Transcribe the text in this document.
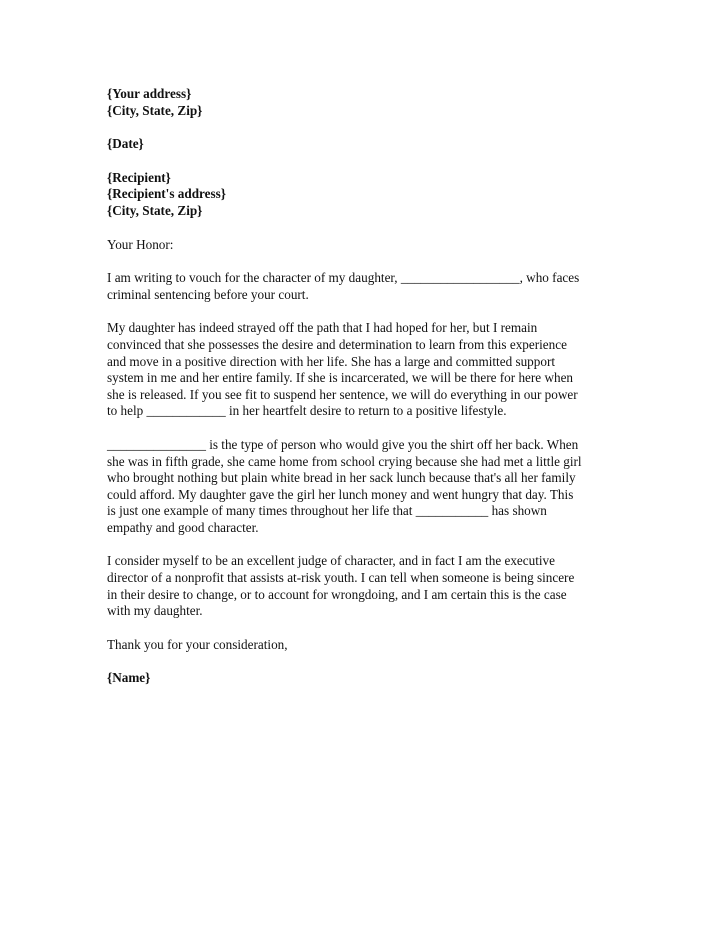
{Your address}
{City, State, Zip}
{Date}
{Recipient}
{Recipient's address}
{City, State, Zip}

Your Honor:

I am writing to vouch for the character of my daughter, __________________, who faces
criminal sentencing before your court.

My daughter has indeed strayed off the path that I had hoped for her, but I remain
convinced that she possesses the desire and determination to learn from this experience
and move in a positive direction with her life. She has a large and committed support
system in me and her entire family. If she is incarcerated, we will be there for here when
she is released. If you see fit to suspend her sentence, we will do everything in our power
to help ____________ in her heartfelt desire to return to a positive lifestyle.

_______________ is the type of person who would give you the shirt off her back. When
she was in fifth grade, she came home from school crying because she had met a little girl
who brought nothing but plain white bread in her sack lunch because that's all her family
could afford. My daughter gave the girl her lunch money and went hungry that day. This
is just one example of many times throughout her life that ___________ has shown
empathy and good character.

I consider myself to be an excellent judge of character, and in fact I am the executive
director of a nonprofit that assists at-risk youth. I can tell when someone is being sincere
in their desire to change, or to account for wrongdoing, and I am certain this is the case
with my daughter.

Thank you for your consideration,

{Name}
